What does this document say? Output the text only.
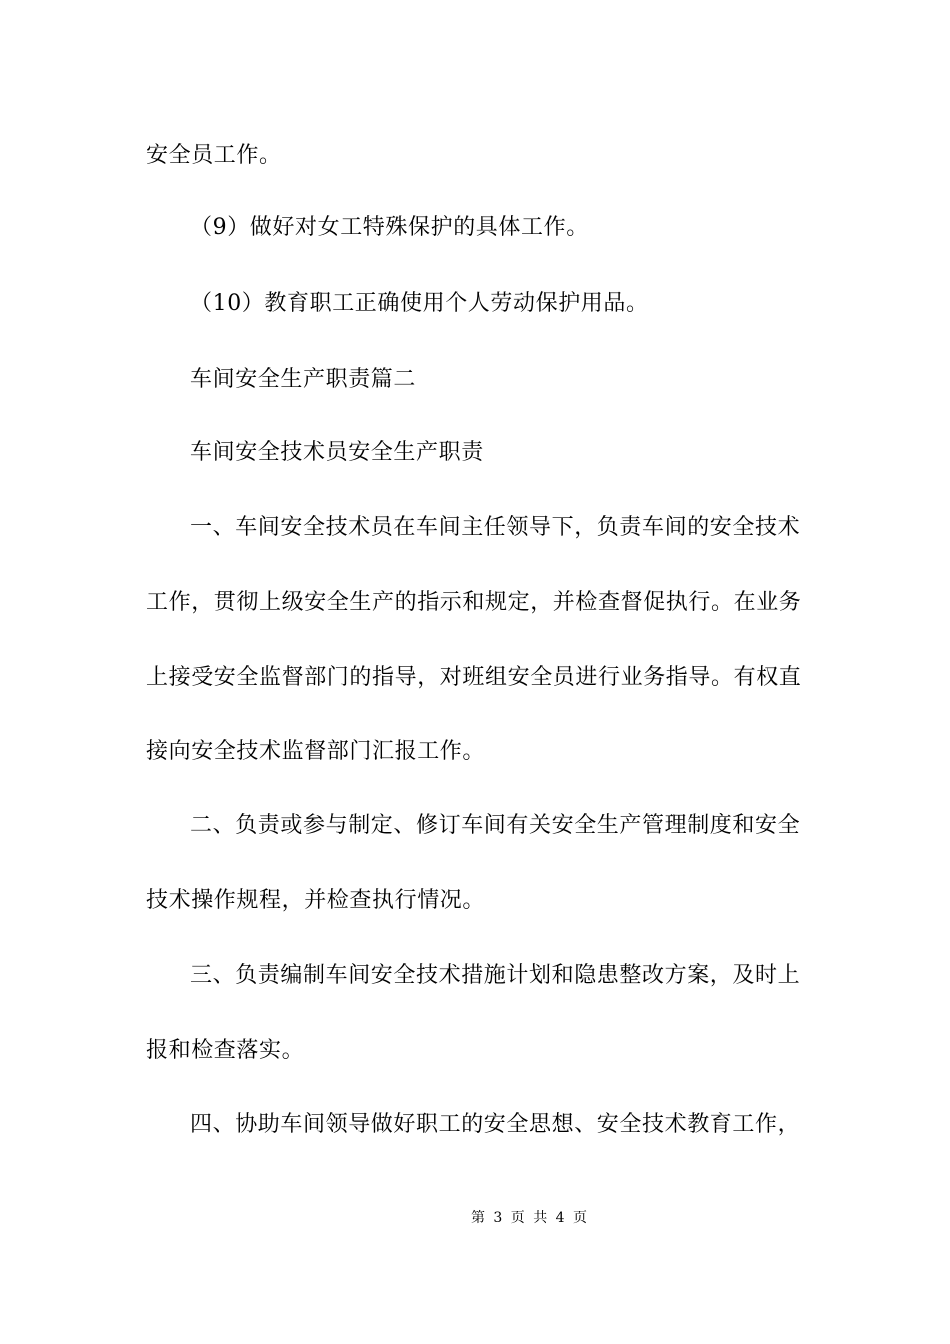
安全员工作。
（9）做好对女工特殊保护的具体工作。
（10）教育职工正确使用个人劳动保护用品。
车间安全生产职责篇二
车间安全技术员安全生产职责
一、车间安全技术员在车间主任领导下，负责车间的安全技术
工作，贯彻上级安全生产的指示和规定，并检查督促执行。在业务
上接受安全监督部门的指导，对班组安全员进行业务指导。有权直
接向安全技术监督部门汇报工作。
二、负责或参与制定、修订车间有关安全生产管理制度和安全
技术操作规程，并检查执行情况。
三、负责编制车间安全技术措施计划和隐患整改方案，及时上
报和检查落实。
四、协助车间领导做好职工的安全思想、安全技术教育工作，
第 3 页 共 4 页
